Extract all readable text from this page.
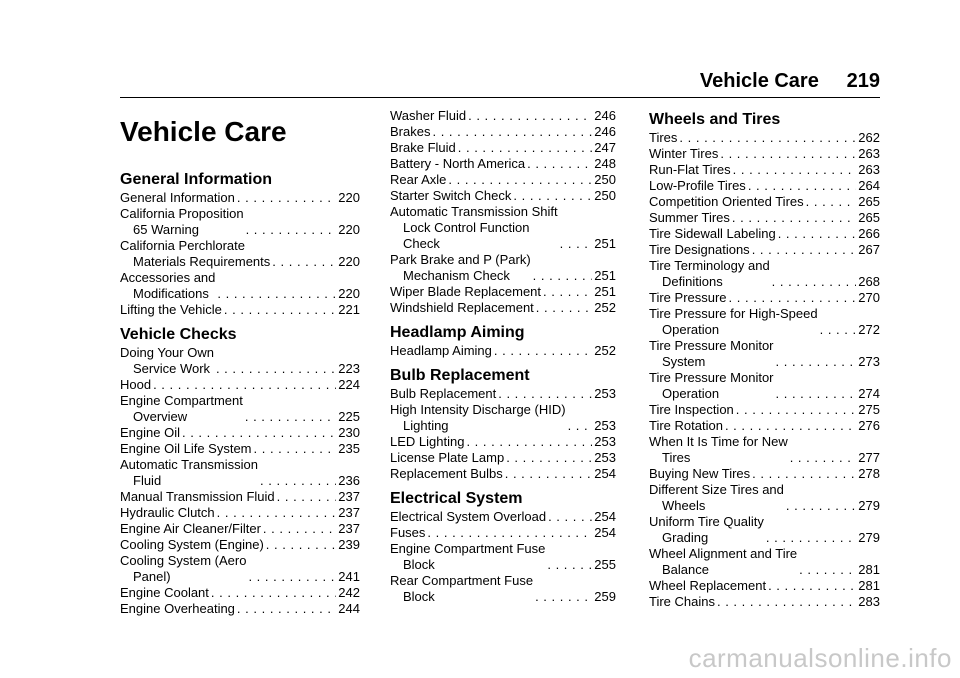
Vehicle Care     219
Vehicle Care
General Information
General Information . . .	220
California Proposition
65 Warning . . .	220
California Perchlorate
Materials Requirements . . .	220
Accessories and
Modifications . . .	220
Lifting the Vehicle . . .	221
Vehicle Checks
Doing Your Own
Service Work . . .	223
Hood . . .	224
Engine Compartment
Overview . . .	225
Engine Oil . . .	230
Engine Oil Life System . . .	235
Automatic Transmission
Fluid . . .	236
Manual Transmission Fluid . . .	237
Hydraulic Clutch . . .	237
Engine Air Cleaner/Filter . . .	237
Cooling System (Engine) . . .	239
Cooling System (Aero
Panel) . . .	241
Engine Coolant . . .	242
Engine Overheating . . .	244
Washer Fluid . . .	246
Brakes . . .	246
Brake Fluid . . .	247
Battery - North America . . .	248
Rear Axle . . .	250
Starter Switch Check . . .	250
Automatic Transmission Shift
Lock Control Function
Check . . .	251
Park Brake and P (Park)
Mechanism Check . . .	251
Wiper Blade Replacement . . .	251
Windshield Replacement . . .	252
Headlamp Aiming
Headlamp Aiming . . .	252
Bulb Replacement
Bulb Replacement . . .	253
High Intensity Discharge (HID)
Lighting . . .	253
LED Lighting . . .	253
License Plate Lamp . . .	253
Replacement Bulbs . . .	254
Electrical System
Electrical System Overload . . .	254
Fuses . . .	254
Engine Compartment Fuse
Block . . .	255
Rear Compartment Fuse
Block . . .	259
Wheels and Tires
Tires . . .	262
Winter Tires . . .	263
Run-Flat Tires . . .	263
Low-Profile Tires . . .	264
Competition Oriented Tires . . .	265
Summer Tires . . .	265
Tire Sidewall Labeling . . .	266
Tire Designations . . .	267
Tire Terminology and
Definitions . . .	268
Tire Pressure . . .	270
Tire Pressure for High-Speed
Operation . . .	272
Tire Pressure Monitor
System . . .	273
Tire Pressure Monitor
Operation . . .	274
Tire Inspection . . .	275
Tire Rotation . . .	276
When It Is Time for New
Tires . . .	277
Buying New Tires . . .	278
Different Size Tires and
Wheels . . .	279
Uniform Tire Quality
Grading . . .	279
Wheel Alignment and Tire
Balance . . .	281
Wheel Replacement . . .	281
Tire Chains . . .	283
carmanualsonline.info
